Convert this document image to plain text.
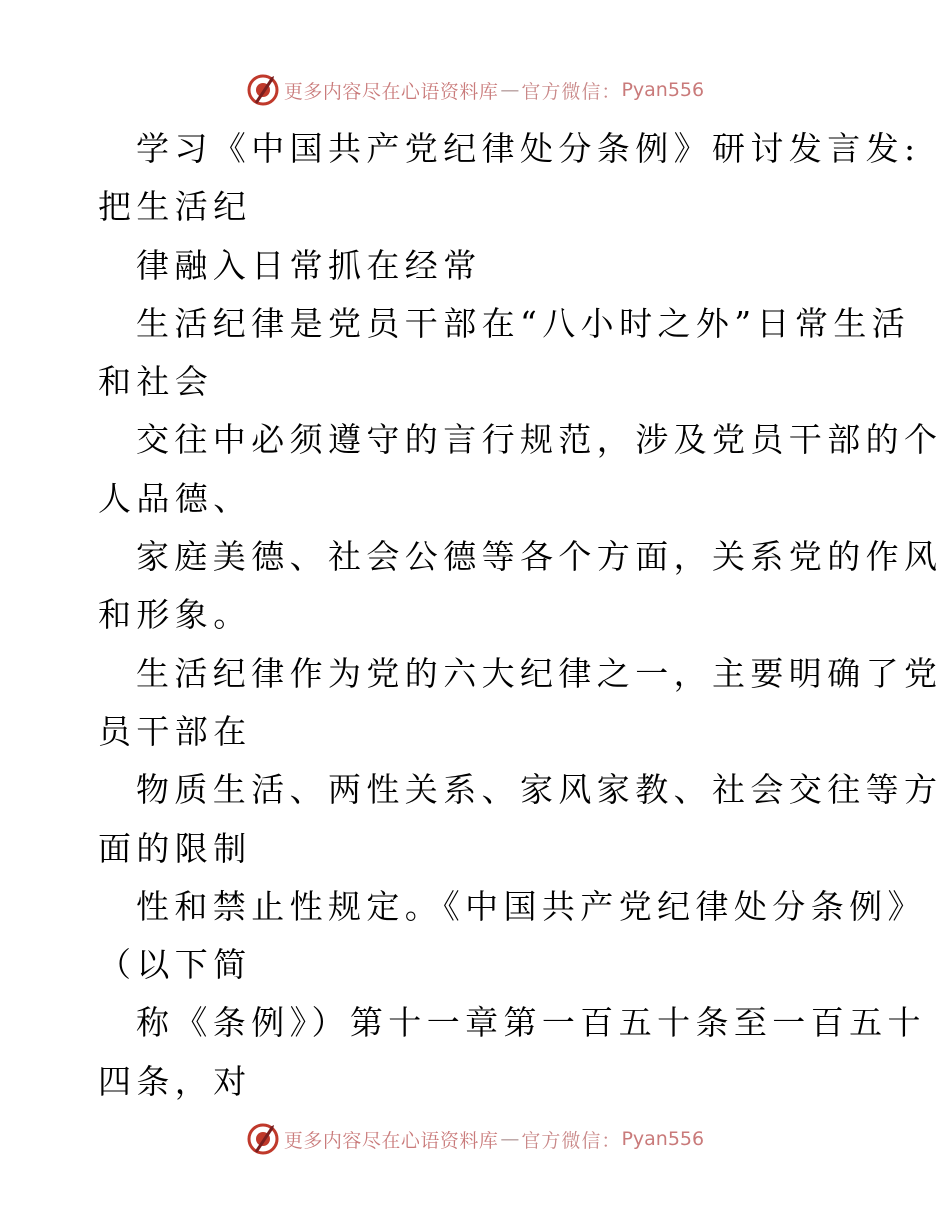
更多内容尽在心语资料库 — 官方微信： Pyan556
学习《中国共产党纪律处分条例》研讨发言发:
把生活纪
律融入日常抓在经常
生活纪律是党员干部在“八小时之外”日常生活
和社会
交往中必须遵守的言行规范，涉及党员干部的个
人品德、
家庭美德、社会公德等各个方面，关系党的作风
和形象。
生活纪律作为党的六大纪律之一，主要明确了党
员干部在
物质生活、两性关系、家风家教、社会交往等方
面的限制
性和禁止性规定。《中国共产党纪律处分条例》
（以下简
称《条例》）第十一章第一百五十条至一百五十
四条，对
更多内容尽在心语资料库 — 官方微信： Pyan556
